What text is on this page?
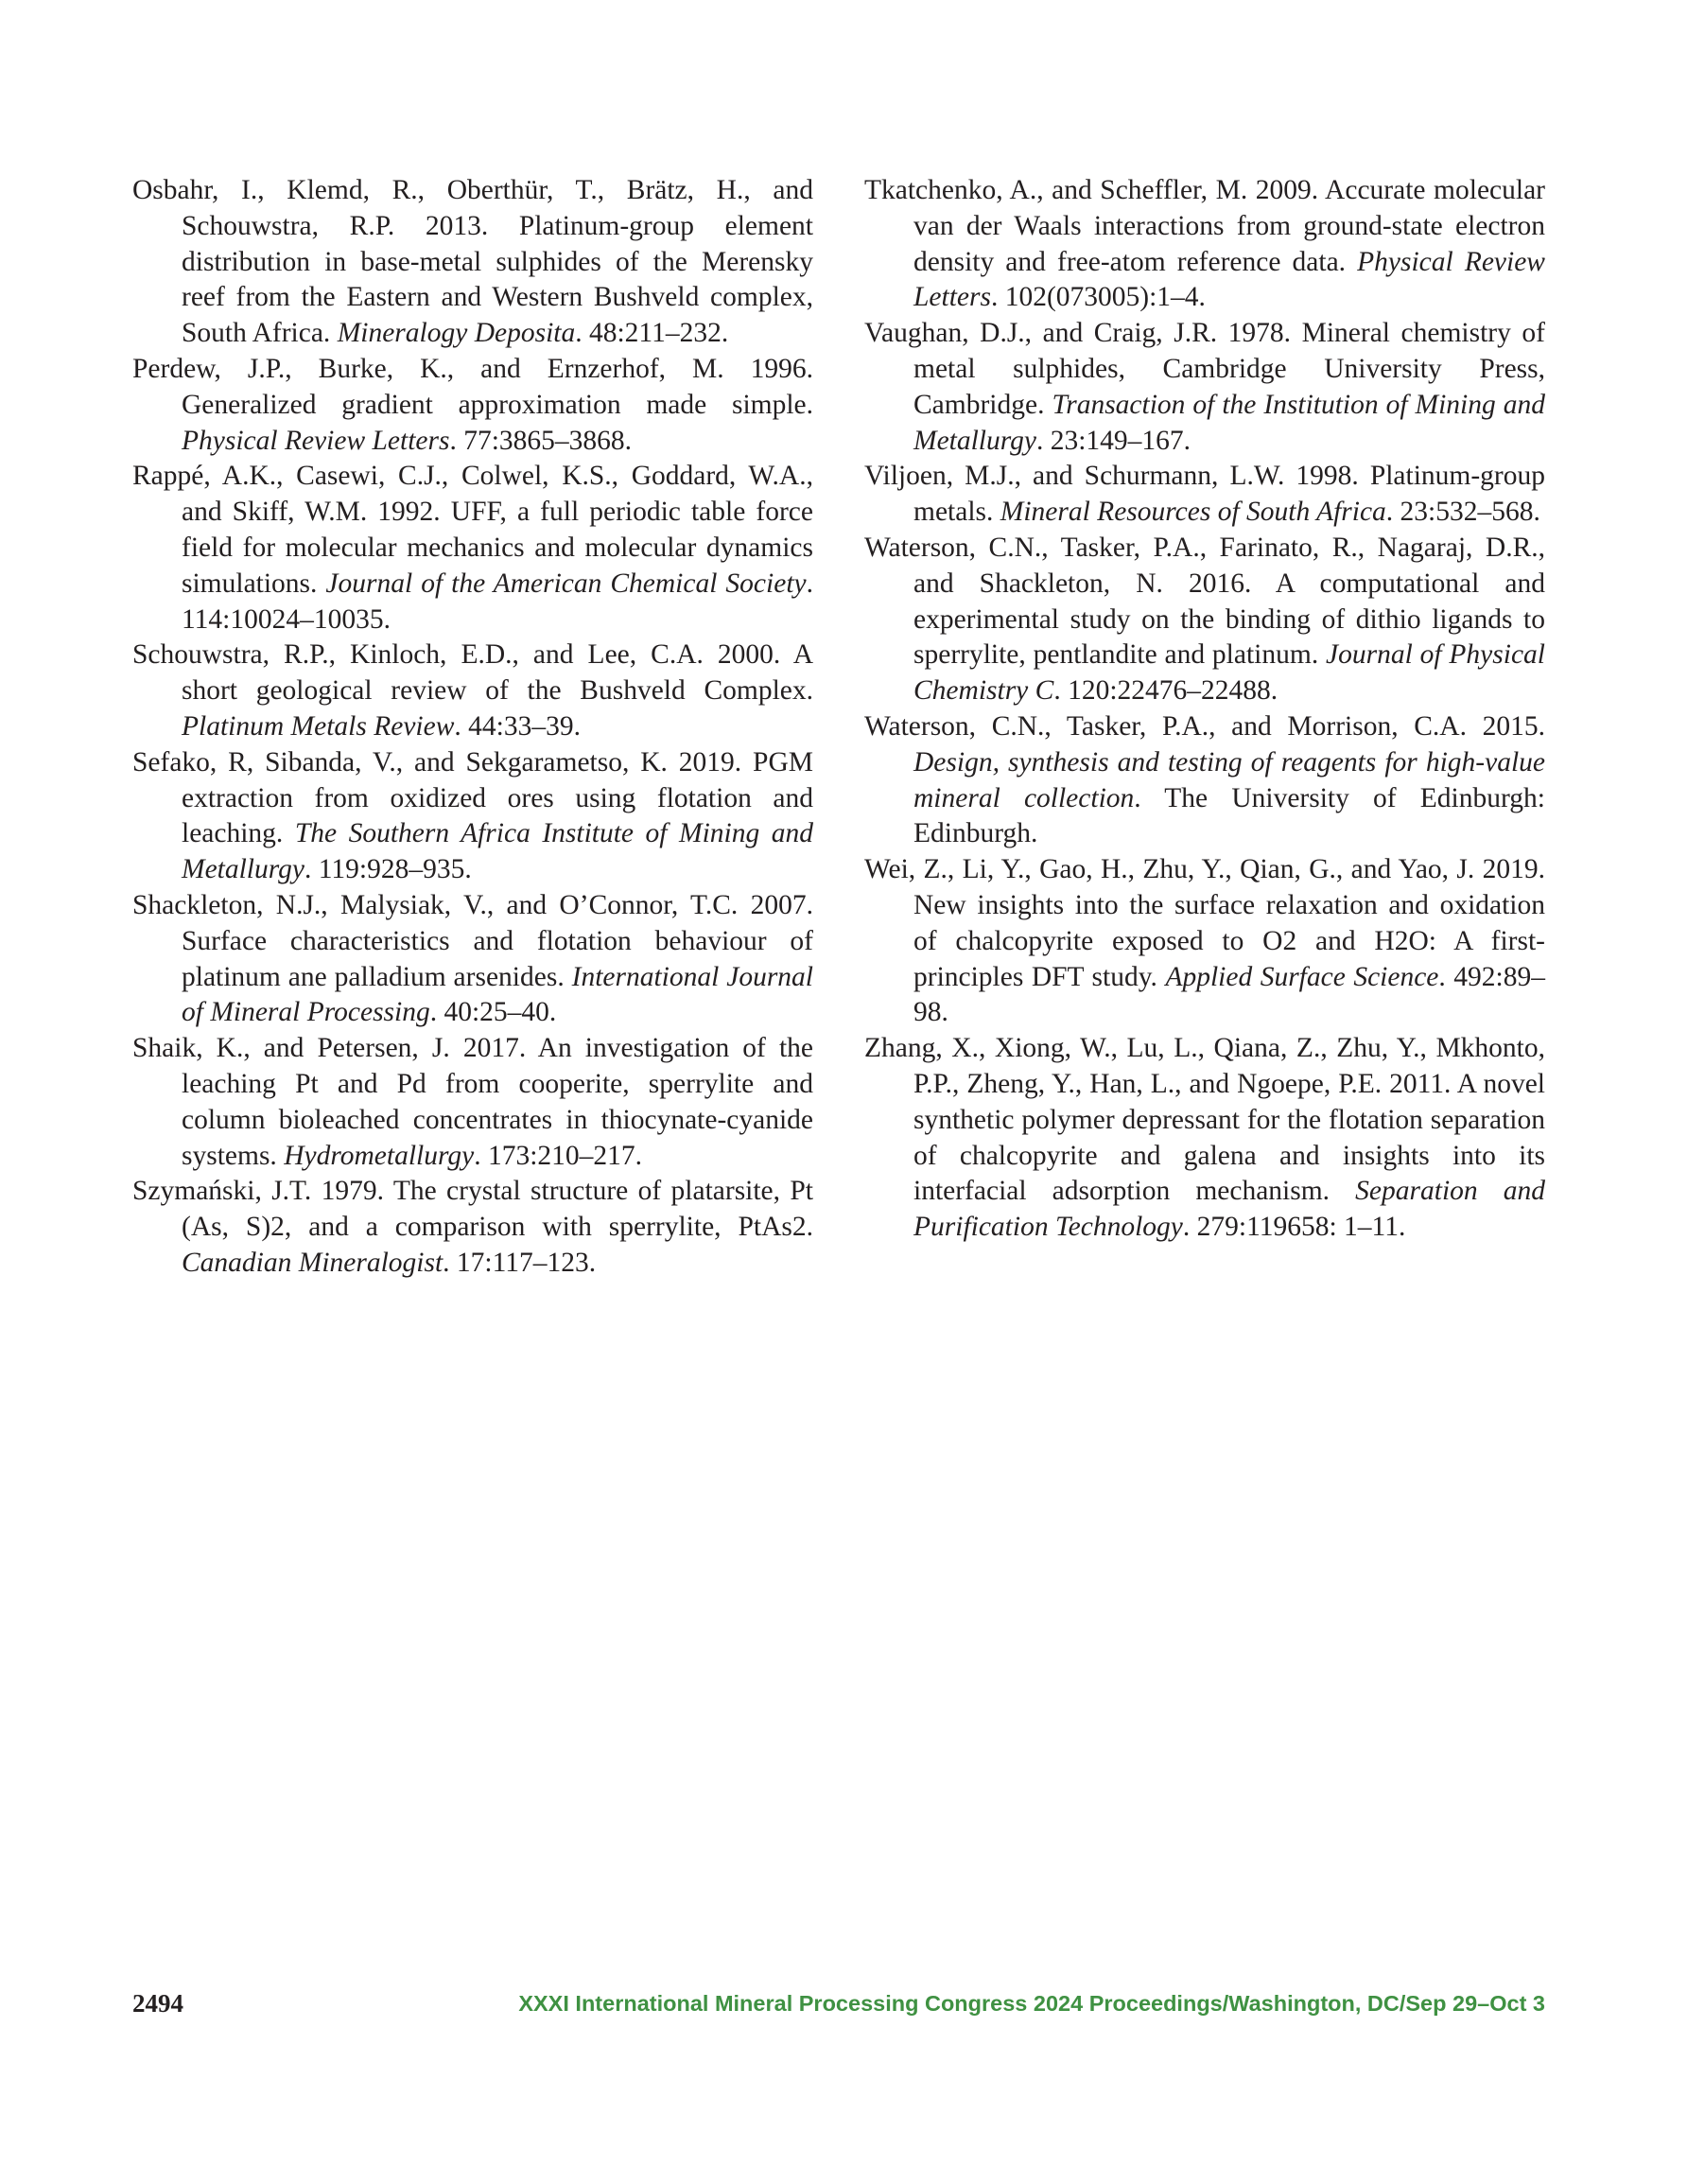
Osbahr, I., Klemd, R., Oberthür, T., Brätz, H., and Schouwstra, R.P. 2013. Platinum-group element distribution in base-metal sulphides of the Merensky reef from the Eastern and Western Bushveld complex, South Africa. Mineralogy Deposita. 48:211–232.

Perdew, J.P., Burke, K., and Ernzerhof, M. 1996. Generalized gradient approximation made simple. Physical Review Letters. 77:3865–3868.

Rappé, A.K., Casewi, C.J., Colwel, K.S., Goddard, W.A., and Skiff, W.M. 1992. UFF, a full periodic table force field for molecular mechanics and molecular dynamics simulations. Journal of the American Chemical Society. 114:10024–10035.

Schouwstra, R.P., Kinloch, E.D., and Lee, C.A. 2000. A short geological review of the Bushveld Complex. Platinum Metals Review. 44:33–39.

Sefako, R, Sibanda, V., and Sekgarametso, K. 2019. PGM extraction from oxidized ores using flotation and leaching. The Southern Africa Institute of Mining and Metallurgy. 119:928–935.

Shackleton, N.J., Malysiak, V., and O’Connor, T.C. 2007. Surface characteristics and flotation behaviour of platinum ane palladium arsenides. International Journal of Mineral Processing. 40:25–40.

Shaik, K., and Petersen, J. 2017. An investigation of the leaching Pt and Pd from cooperite, sperrylite and column bioleached concentrates in thiocynate-cyanide systems. Hydrometallurgy. 173:210–217.

Szymański, J.T. 1979. The crystal structure of platarsite, Pt (As, S)2, and a comparison with sperrylite, PtAs2. Canadian Mineralogist. 17:117–123.

Tkatchenko, A., and Scheffler, M. 2009. Accurate molecular van der Waals interactions from ground-state electron density and free-atom reference data. Physical Review Letters. 102(073005):1–4.

Vaughan, D.J., and Craig, J.R. 1978. Mineral chemistry of metal sulphides, Cambridge University Press, Cambridge. Transaction of the Institution of Mining and Metallurgy. 23:149–167.

Viljoen, M.J., and Schurmann, L.W. 1998. Platinum-group metals. Mineral Resources of South Africa. 23:532–568.

Waterson, C.N., Tasker, P.A., Farinato, R., Nagaraj, D.R., and Shackleton, N. 2016. A computational and experimental study on the binding of dithio ligands to sperrylite, pentlandite and platinum. Journal of Physical Chemistry C. 120:22476–22488.

Waterson, C.N., Tasker, P.A., and Morrison, C.A. 2015. Design, synthesis and testing of reagents for high-value mineral collection. The University of Edinburgh: Edinburgh.

Wei, Z., Li, Y., Gao, H., Zhu, Y., Qian, G., and Yao, J. 2019. New insights into the surface relaxation and oxidation of chalcopyrite exposed to O2 and H2O: A first-principles DFT study. Applied Surface Science. 492:89–98.

Zhang, X., Xiong, W., Lu, L., Qiana, Z., Zhu, Y., Mkhonto, P.P., Zheng, Y., Han, L., and Ngoepe, P.E. 2011. A novel synthetic polymer depressant for the flotation separation of chalcopyrite and galena and insights into its interfacial adsorption mechanism. Separation and Purification Technology. 279:119658: 1–11.

2494	XXXI International Mineral Processing Congress 2024 Proceedings/Washington, DC/Sep 29–Oct 3
